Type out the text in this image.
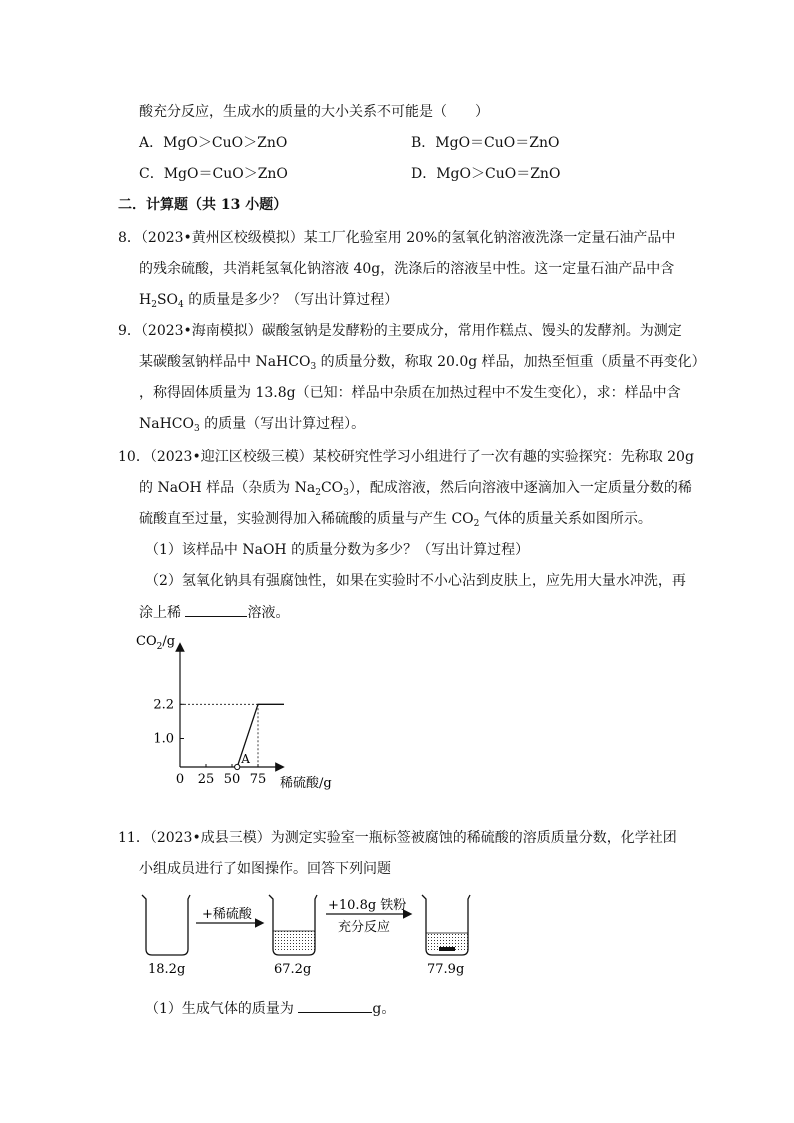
酸充分反应，生成水的质量的大小关系不可能是（　　）
A．MgO＞CuO＞ZnO	B．MgO＝CuO＝ZnO
C．MgO＝CuO＞ZnO	D．MgO＞CuO＝ZnO
二．计算题（共 13 小题）
8．（2023•黄州区校级模拟）某工厂化验室用 20%的氢氧化钠溶液洗涤一定量石油产品中
的残余硫酸，共消耗氢氧化钠溶液 40g，洗涤后的溶液呈中性。这一定量石油产品中含
$H_2SO_4$ 的质量是多少？（写出计算过程）
9．（2023•海南模拟）碳酸氢钠是发酵粉的主要成分，常用作糕点、馒头的发酵剂。为测定
某碳酸氢钠样品中 NaHCO$_3$ 的质量分数，称取 20.0g 样品，加热至恒重（质量不再变化）
，称得固体质量为 13.8g（已知：样品中杂质在加热过程中不发生变化），求：样品中含
NaHCO$_3$ 的质量（写出计算过程）。
10．（2023•迎江区校级三模）某校研究性学习小组进行了一次有趣的实验探究：先称取 20g
的 NaOH 样品（杂质为 $Na_2CO_3$），配成溶液，然后向溶液中逐滴加入一定质量分数的稀
硫酸直至过量，实验测得加入稀硫酸的质量与产生 $CO_2$ 气体的质量关系如图所示。
（1）该样品中 NaOH 的质量分数为多少？（写出计算过程）
（2）氢氧化钠具有强腐蚀性，如果在实验时不小心沾到皮肤上，应先用大量水冲洗，再
涂上稀	溶液。
$CO_2/g$
稀硫酸/g
0 25 50 75
1.0
2.2
A
11．（2023•成县三模）为测定实验室一瓶标签被腐蚀的稀硫酸的溶质质量分数，化学社团
小组成员进行了如图操作。回答下列问题
18.2g
+稀硫酸
67.2g
+10.8g 铁粉
充分反应
77.9g
（1）生成气体的质量为	g。
